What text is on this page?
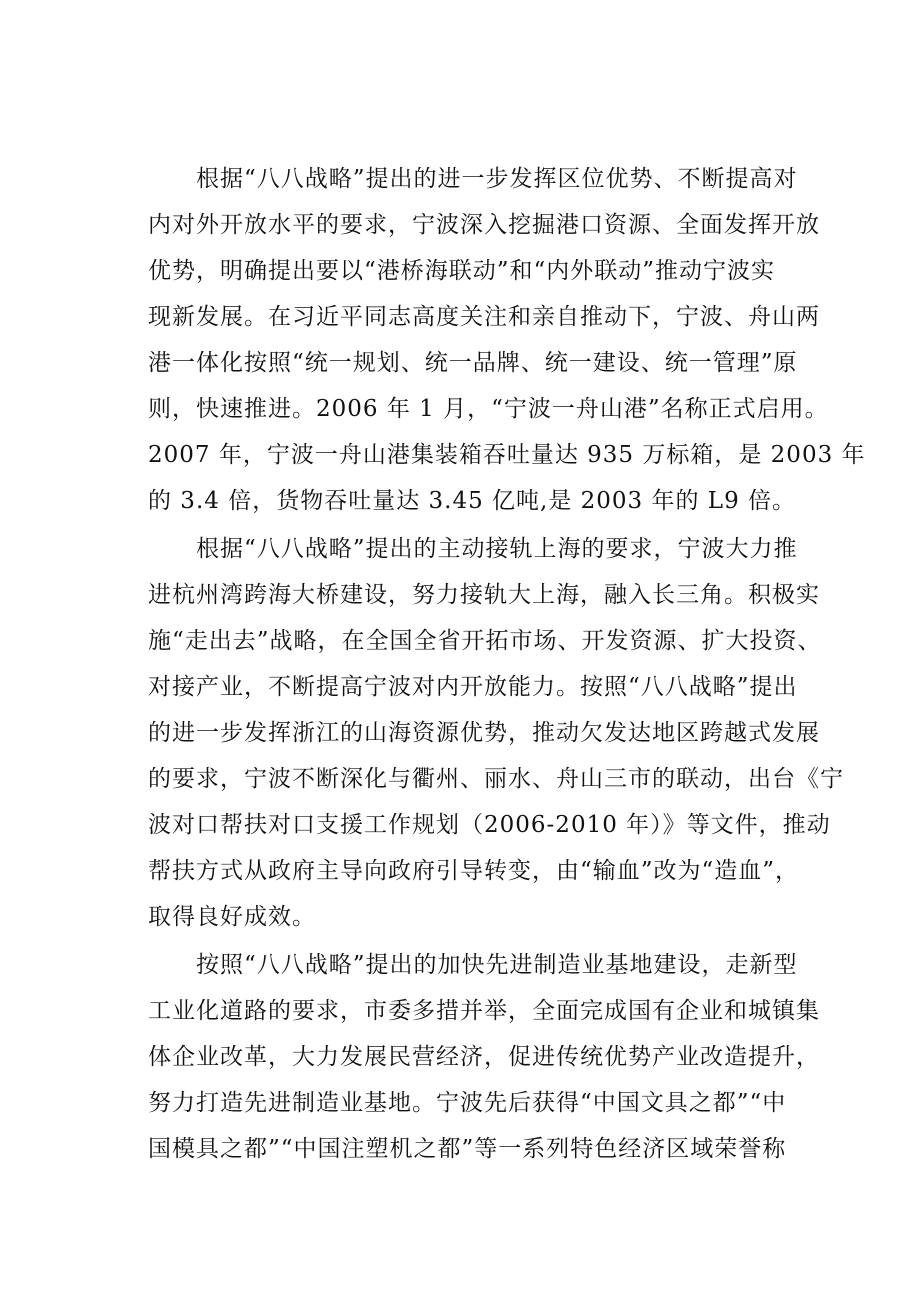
　　根据“八八战略”提出的进一步发挥区位优势、不断提高对
内对外开放水平的要求，宁波深入挖掘港口资源、全面发挥开放
优势，明确提出要以“港桥海联动”和“内外联动”推动宁波实
现新发展。在习近平同志高度关注和亲自推动下，宁波、舟山两
港一体化按照“统一规划、统一品牌、统一建设、统一管理”原
则，快速推进。2006 年 1 月，“宁波一舟山港”名称正式启用。
2007 年，宁波一舟山港集装箱吞吐量达 935 万标箱，是 2003 年
的 3.4 倍，货物吞吐量达 3.45 亿吨,是 2003 年的 L9 倍。
　　根据“八八战略”提出的主动接轨上海的要求，宁波大力推
进杭州湾跨海大桥建设，努力接轨大上海，融入长三角。积极实
施“走出去”战略，在全国全省开拓市场、开发资源、扩大投资、
对接产业，不断提高宁波对内开放能力。按照“八八战略”提出
的进一步发挥浙江的山海资源优势，推动欠发达地区跨越式发展
的要求，宁波不断深化与衢州、丽水、舟山三市的联动，出台《宁
波对口帮扶对口支援工作规划（2006-2010 年）》等文件，推动
帮扶方式从政府主导向政府引导转变，由“输血”改为“造血”，
取得良好成效。
　　按照“八八战略”提出的加快先进制造业基地建设，走新型
工业化道路的要求，市委多措并举，全面完成国有企业和城镇集
体企业改革，大力发展民营经济，促进传统优势产业改造提升，
努力打造先进制造业基地。宁波先后获得“中国文具之都”“中
国模具之都”“中国注塑机之都”等一系列特色经济区域荣誉称
